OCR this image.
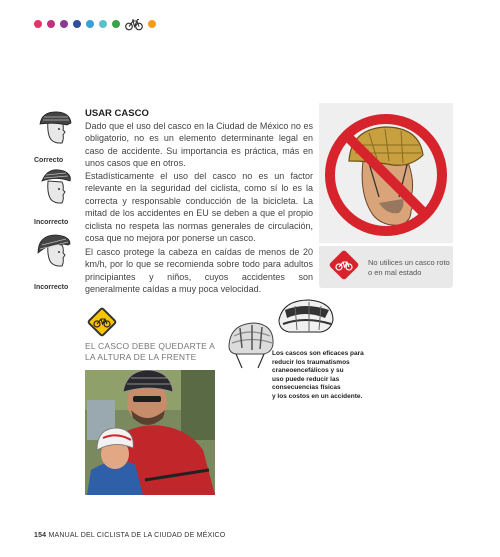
Correcto
Incorrecto
Incorrecto
USAR CASCO

Dado que el uso del casco en la Ciudad de México no es obligatorio, no es un elemento determinante legal en caso de accidente. Su importancia es práctica, más en unos casos que en otros.

Estadísticamente el uso del casco no es un factor relevante en la seguridad del ciclista, como sí lo es la correcta y responsable conducción de la bicicleta. La mitad de los accidentes en EU se deben a que el propio ciclista no respeta las normas generales de circulación, cosa que no mejora por ponerse un casco.

El casco protege la cabeza en caídas de menos de 20 km/h, por lo que se recomienda sobre todo para adultos principiantes y niños, cuyos accidentes son generalmente caídas a muy poca velocidad.

No utilices un casco roto o en mal estado
EL CASCO DEBE QUEDARTE A
LA ALTURA DE LA FRENTE	Los cascos son eficaces para
reducir los traumatismos
craneoencefálicos y su
uso puede reducir las
consecuencias físicas
y los costos en un accidente.
154 MANUAL DEL CICLISTA DE LA CIUDAD DE MÉXICO
